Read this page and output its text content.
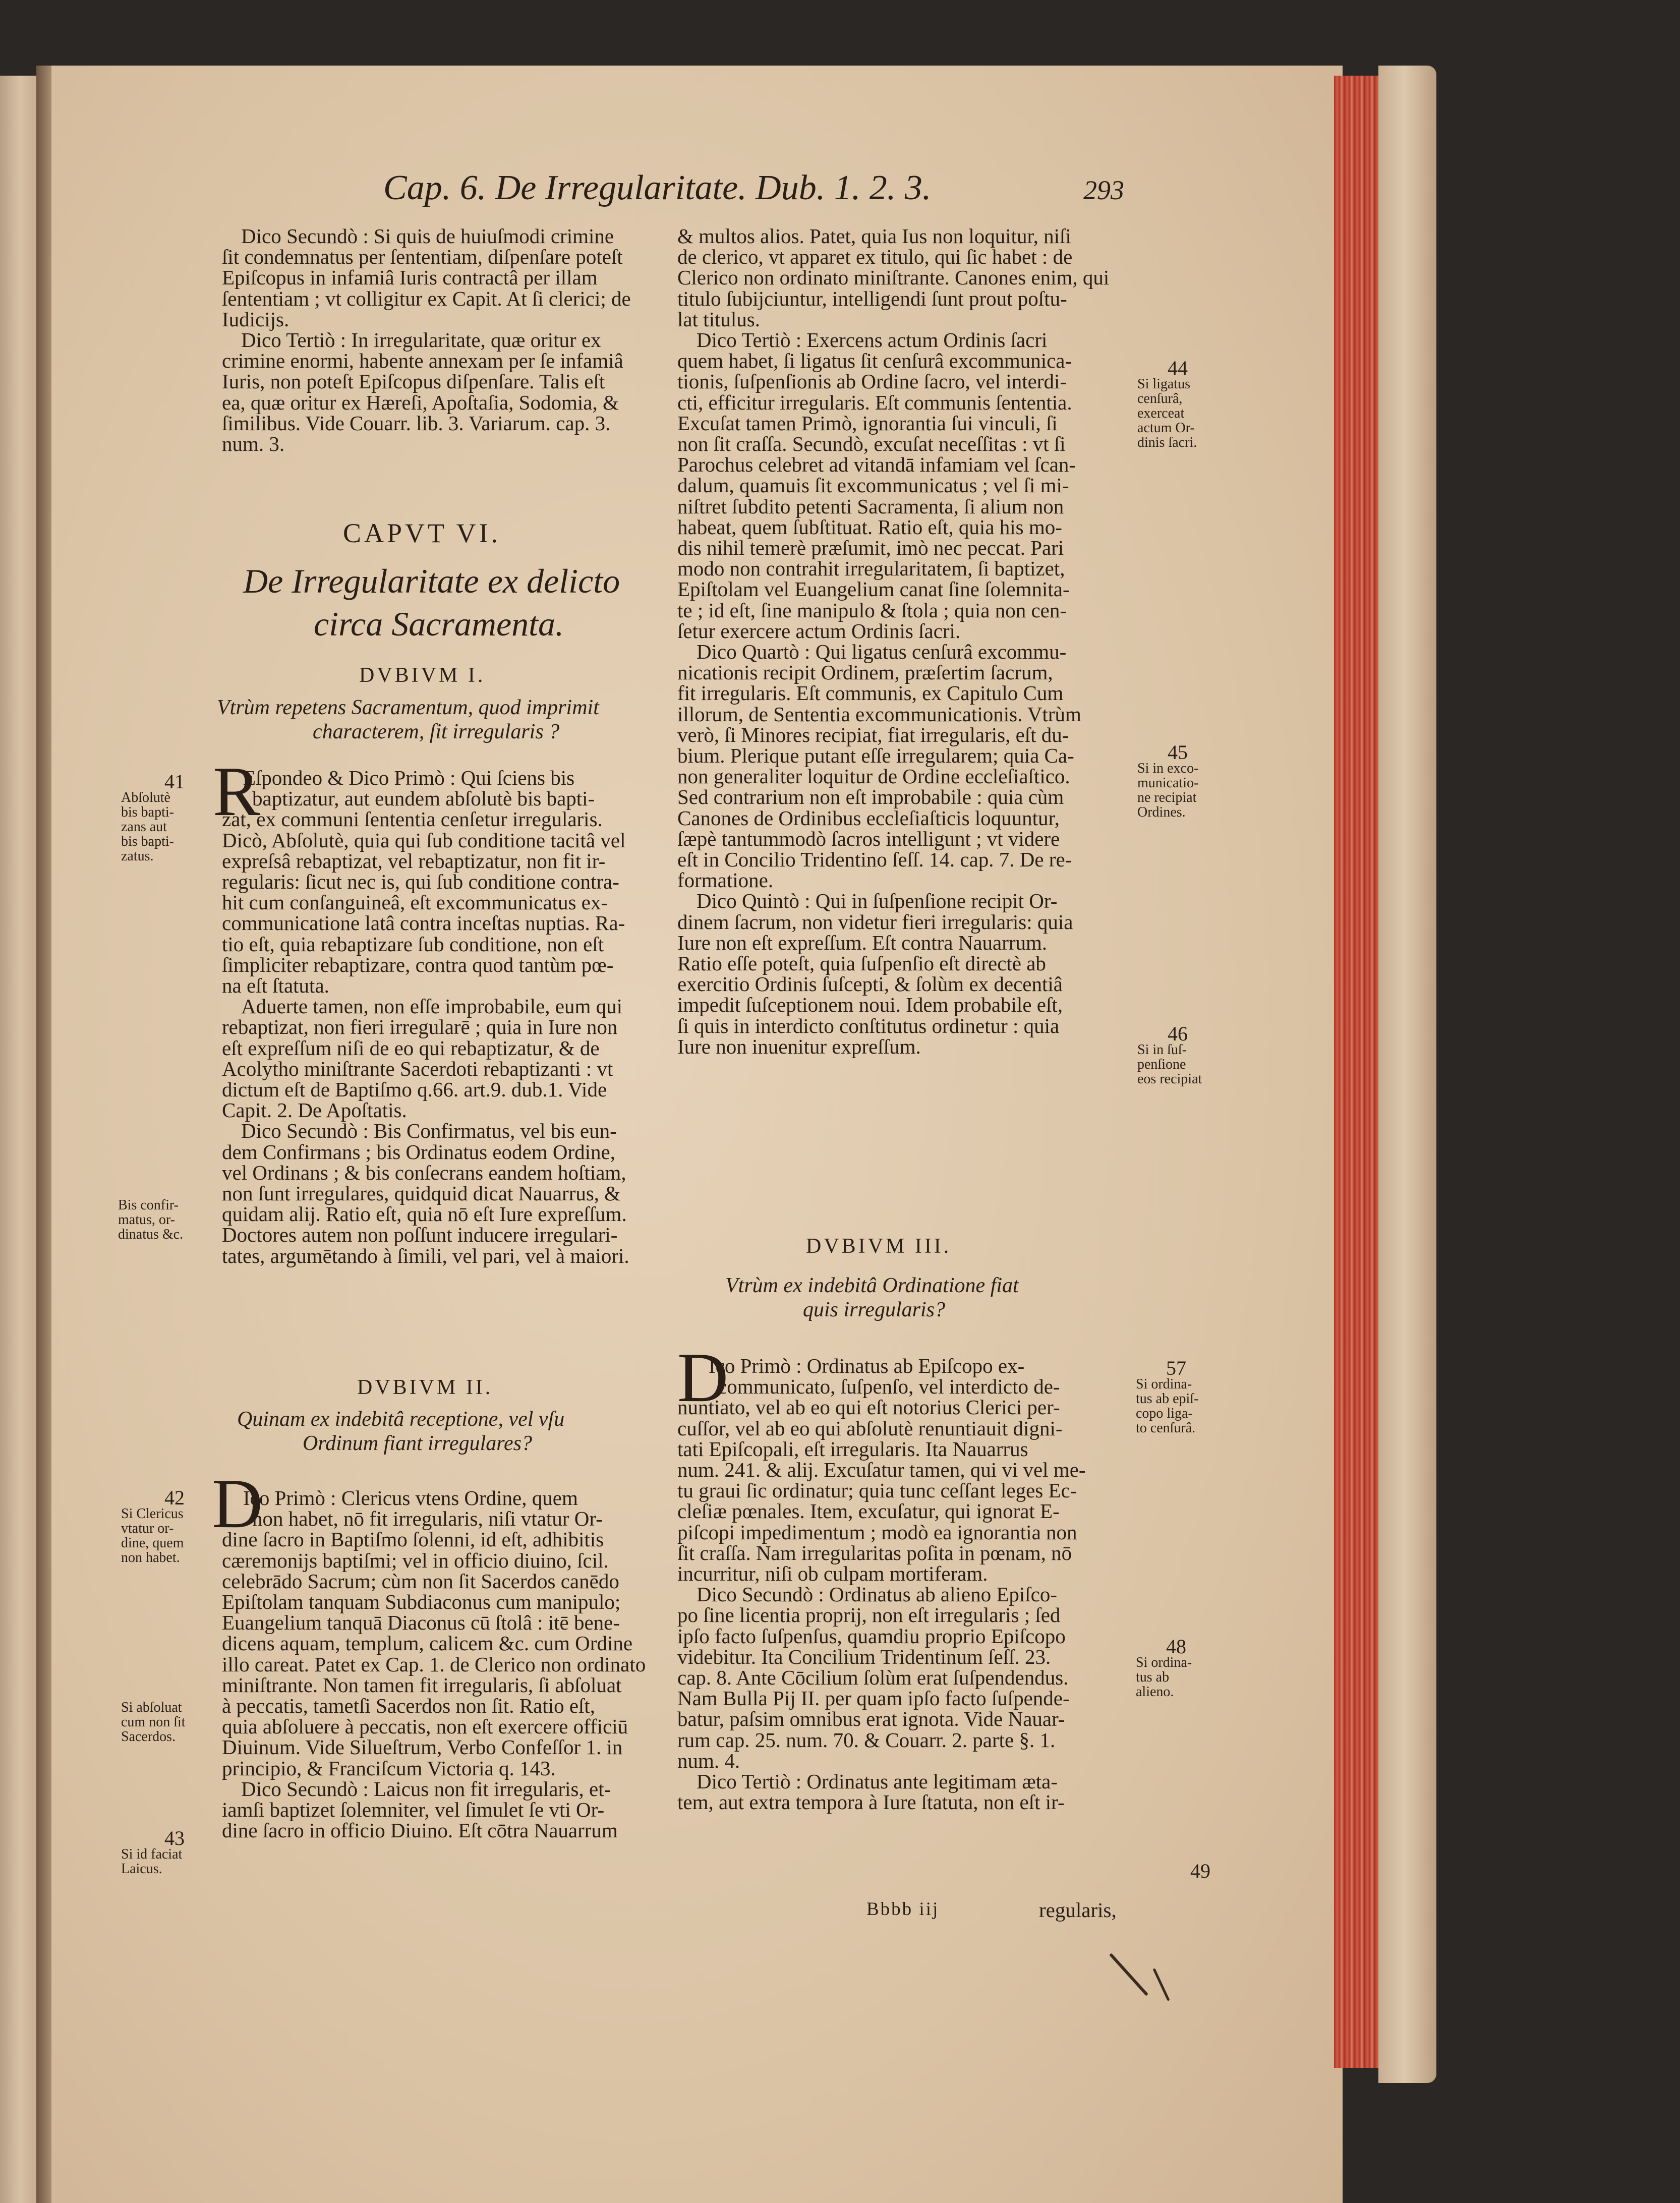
Cap. 6. De Irregularitate. Dub. 1. 2. 3.	293
Dico Secundò : Si quis de huiuſmodi crimine
ſit condemnatus per ſententiam, diſpenſare poteſt
Epiſcopus in infamiâ Iuris contractâ per illam
ſententiam ; vt colligitur ex Capit. At ſi clerici; de
Iudicijs.
Dico Tertiò : In irregularitate, quæ oritur ex
crimine enormi, habente annexam per ſe infamiâ
Iuris, non poteſt Epiſcopus diſpenſare. Talis eſt
ea, quæ oritur ex Hæreſi, Apoſtaſia, Sodomia, &
ſimilibus. Vide Couarr. lib. 3. Variarum. cap. 3.
num. 3.
CAPVT VI.
De Irregularitate ex delicto
circa Sacramenta.
DVBIVM I.
Vtrùm repetens Sacramentum, quod imprimit
characterem, ſit irregularis ?
R
Eſpondeo & Dico Primò : Qui ſciens bis
baptizatur, aut eundem abſolutè bis bapti-
zat, ex communi ſententia cenſetur irregularis.
Dicò, Abſolutè, quia qui ſub conditione tacitâ vel
expreſsâ rebaptizat, vel rebaptizatur, non fit ir-
regularis: ſicut nec is, qui ſub conditione contra-
hit cum conſanguineâ, eſt excommunicatus ex-
communicatione latâ contra inceſtas nuptias. Ra-
tio eſt, quia rebaptizare ſub conditione, non eſt
ſimpliciter rebaptizare, contra quod tantùm pœ-
na eſt ſtatuta.
Aduerte tamen, non eſſe improbabile, eum qui
rebaptizat, non fieri irregularē ; quia in Iure non
eſt expreſſum niſi de eo qui rebaptizatur, & de
Acolytho miniſtrante Sacerdoti rebaptizanti : vt
dictum eſt de Baptiſmo q.66. art.9. dub.1. Vide
Capit. 2. De Apoſtatis.
Dico Secundò : Bis Confirmatus, vel bis eun-
dem Confirmans ; bis Ordinatus eodem Ordine,
vel Ordinans ; & bis conſecrans eandem hoſtiam,
non ſunt irregulares, quidquid dicat Nauarrus, &
quidam alij. Ratio eſt, quia nō eſt Iure expreſſum.
Doctores autem non poſſunt inducere irregulari-
tates, argumētando à ſimili, vel pari, vel à maiori.
DVBIVM II.
Quinam ex indebitâ receptione, vel vſu
Ordinum fiant irregulares?
D
Ico Primò : Clericus vtens Ordine, quem
non habet, nō fit irregularis, niſi vtatur Or-
dine ſacro in Baptiſmo ſolenni, id eſt, adhibitis
cæremonijs baptiſmi; vel in officio diuino, ſcil.
celebrādo Sacrum; cùm non ſit Sacerdos canēdo
Epiſtolam tanquam Subdiaconus cum manipulo;
Euangelium tanquā Diaconus cū ſtolâ : itē bene-
dicens aquam, templum, calicem &c. cum Ordine
illo careat. Patet ex Cap. 1. de Clerico non ordinato
miniſtrante. Non tamen fit irregularis, ſi abſoluat
à peccatis, tametſi Sacerdos non ſit. Ratio eſt,
quia abſoluere à peccatis, non eſt exercere officiū
Diuinum. Vide Silueſtrum, Verbo Confeſſor 1. in
principio, & Franciſcum Victoria q. 143.
Dico Secundò : Laicus non fit irregularis, et-
iamſi baptizet ſolemniter, vel ſimulet ſe vti Or-
dine ſacro in officio Diuino. Eſt cōtra Nauarrum
& multos alios. Patet, quia Ius non loquitur, niſi
de clerico, vt apparet ex titulo, qui ſic habet : de
Clerico non ordinato miniſtrante. Canones enim, qui
titulo ſubijciuntur, intelligendi ſunt prout poſtu-
lat titulus.
Dico Tertiò : Exercens actum Ordinis ſacri
quem habet, ſi ligatus ſit cenſurâ excommunica-
tionis, ſuſpenſionis ab Ordine ſacro, vel interdi-
cti, efficitur irregularis. Eſt communis ſententia.
Excuſat tamen Primò, ignorantia ſui vinculi, ſi
non ſit craſſa. Secundò, excuſat neceſſitas : vt ſi
Parochus celebret ad vitandā infamiam vel ſcan-
dalum, quamuis ſit excommunicatus ; vel ſi mi-
niſtret ſubdito petenti Sacramenta, ſi alium non
habeat, quem ſubſtituat. Ratio eſt, quia his mo-
dis nihil temerè præſumit, imò nec peccat. Pari
modo non contrahit irregularitatem, ſi baptizet,
Epiſtolam vel Euangelium canat ſine ſolemnita-
te ; id eſt, ſine manipulo & ſtola ; quia non cen-
ſetur exercere actum Ordinis ſacri.
Dico Quartò : Qui ligatus cenſurâ excommu-
nicationis recipit Ordinem, præſertim ſacrum,
fit irregularis. Eſt communis, ex Capitulo Cum
illorum, de Sententia excommunicationis. Vtrùm
verò, ſi Minores recipiat, fiat irregularis, eſt du-
bium. Plerique putant eſſe irregularem; quia Ca-
non generaliter loquitur de Ordine eccleſiaſtico.
Sed contrarium non eſt improbabile : quia cùm
Canones de Ordinibus eccleſiaſticis loquuntur,
ſæpè tantummodò ſacros intelligunt ; vt videre
eſt in Concilio Tridentino ſeſſ. 14. cap. 7. De re-
formatione.
Dico Quintò : Qui in ſuſpenſione recipit Or-
dinem ſacrum, non videtur fieri irregularis: quia
Iure non eſt expreſſum. Eſt contra Nauarrum.
Ratio eſſe poteſt, quia ſuſpenſio eſt directè ab
exercitio Ordinis ſuſcepti, & ſolùm ex decentiâ
impedit ſuſceptionem noui. Idem probabile eſt,
ſi quis in interdicto conſtitutus ordinetur : quia
Iure non inuenitur expreſſum.
DVBIVM III.
Vtrùm ex indebitâ Ordinatione fiat
quis irregularis?
D
Ico Primò : Ordinatus ab Epiſcopo ex-
communicato, ſuſpenſo, vel interdicto de-
nuntiato, vel ab eo qui eſt notorius Clerici per-
cuſſor, vel ab eo qui abſolutè renuntiauit digni-
tati Epiſcopali, eſt irregularis. Ita Nauarrus
num. 241. & alij. Excuſatur tamen, qui vi vel me-
tu graui ſic ordinatur; quia tunc ceſſant leges Ec-
cleſiæ pœnales. Item, excuſatur, qui ignorat E-
piſcopi impedimentum ; modò ea ignorantia non
ſit craſſa. Nam irregularitas poſita in pœnam, nō
incurritur, niſi ob culpam mortiferam.
Dico Secundò : Ordinatus ab alieno Epiſco-
po ſine licentia proprij, non eſt irregularis ; ſed
ipſo facto ſuſpenſus, quamdiu proprio Epiſcopo
videbitur. Ita Concilium Tridentinum ſeſſ. 23.
cap. 8. Ante Cōcilium ſolùm erat ſuſpendendus.
Nam Bulla Pij II. per quam ipſo facto ſuſpende-
batur, paſsim omnibus erat ignota. Vide Nauar-
rum cap. 25. num. 70. & Couarr. 2. parte §. 1.
num. 4.
Dico Tertiò : Ordinatus ante legitimam æta-
tem, aut extra tempora à Iure ſtatuta, non eſt ir-
Bbbb iij	regularis,
41
Abſolutè
bis bapti-
zans aut
bis bapti-
zatus.
Bis confir-
matus, or-
dinatus &c.
42
Si Clericus
vtatur or-
dine, quem
non habet.
Si abſoluat
cum non ſit
Sacerdos.
43
Si id faciat
Laicus.
44
Si ligatus
cenſurâ,
exerceat
actum Or-
dinis ſacri.
45
Si in exco-
municatio-
ne recipiat
Ordines.
46
Si in ſuſ-
penſione
eos recipiat
57
Si ordina-
tus ab epiſ-
copo liga-
to cenſurâ.
48
Si ordina-
tus ab
alieno.
49
